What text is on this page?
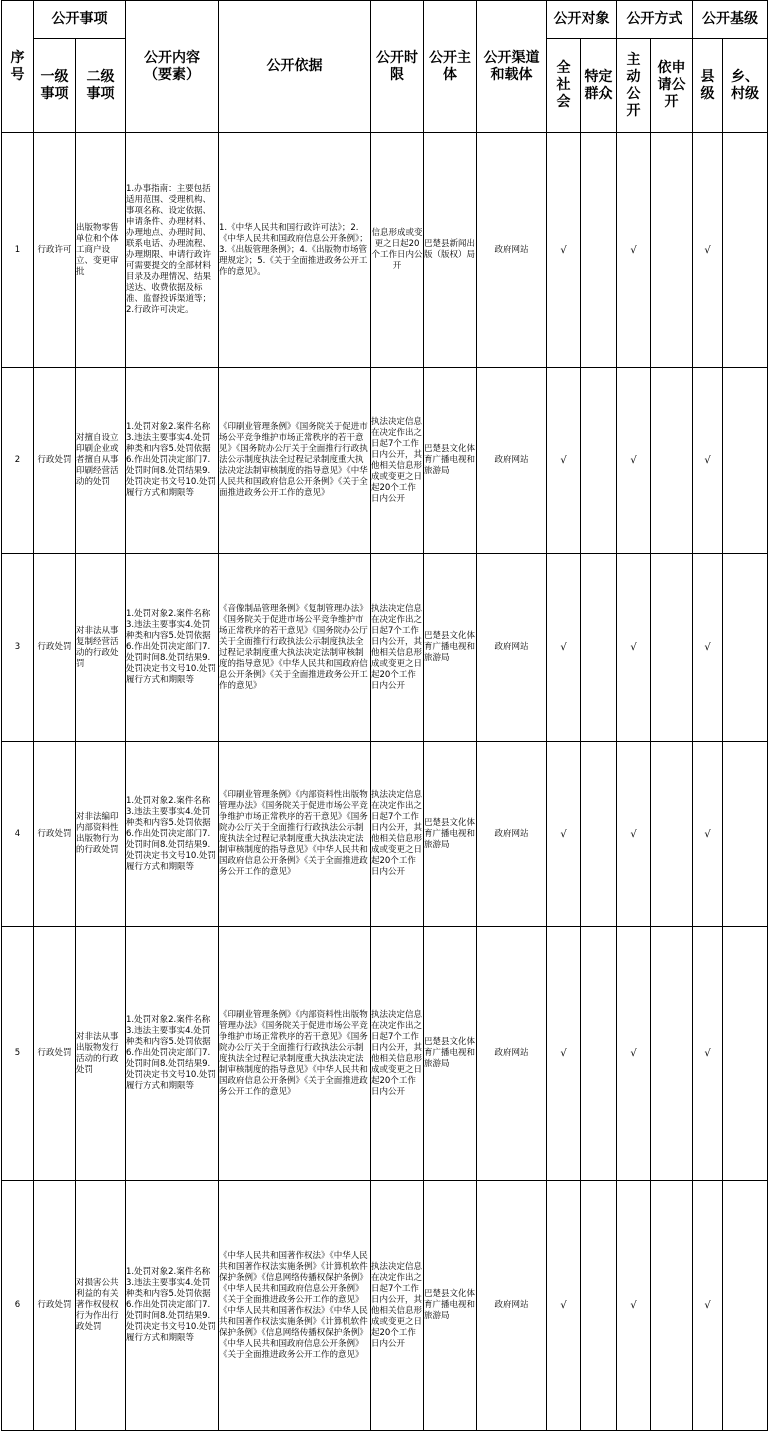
序号	公开事项		公开内容（要素）	公开依据	公开时限	公开主体	公开渠道和载体	公开对象		公开方式		公开基级	
	一级事项	二级事项						全社会	特定群众	主动公开	依申请公开	县级	乡、村级
1	行政许可	出版物零售单位和个体工商户设立、变更审批	1.办事指南：主要包括适用范围、受理机构、事项名称、设定依据、申请条件、办理材料、办理地点、办理时间、联系电话、办理流程、办理期限、申请行政许可需要提交的全部材料目录及办理情况、结果送达、收费依据及标准、监督投诉渠道等；2.行政许可决定。	1.《中华人民共和国行政许可法》；2.《中华人民共和国政府信息公开条例》；3.《出版管理条例》；4.《出版物市场管理规定》；5.《关于全面推进政务公开工作的意见》。	信息形成或变更之日起20个工作日内公开	巴楚县新闻出版（版权）局	政府网站	√		√		√	
2	行政处罚	对擅自设立印刷企业或者擅自从事印刷经营活动的处罚	1.处罚对象2.案件名称3.违法主要事实4.处罚种类和内容5.处罚依据6.作出处罚决定部门7.处罚时间8.处罚结果9.处罚决定书文号10.处罚履行方式和期限等	《印刷业管理条例》《国务院关于促进市场公平竞争维护市场正常秩序的若干意见》《国务院办公厅关于全面推行行政执法公示制度执法全过程记录制度重大执法决定法制审核制度的指导意见》《中华人民共和国政府信息公开条例》《关于全面推进政务公开工作的意见》	执法决定信息在决定作出之日起7个工作日内公开，其他相关信息形成或变更之日起20个工作日内公开	巴楚县文化体育广播电视和旅游局	政府网站	√		√		√	
3	行政处罚	对非法从事复制经营活动的行政处罚	1.处罚对象2.案件名称3.违法主要事实4.处罚种类和内容5.处罚依据6.作出处罚决定部门7.处罚时间8.处罚结果9.处罚决定书文号10.处罚履行方式和期限等	《音像制品管理条例》《复制管理办法》《国务院关于促进市场公平竞争维护市场正常秩序的若干意见》《国务院办公厅关于全面推行行政执法公示制度执法全过程记录制度重大执法决定法制审核制度的指导意见》《中华人民共和国政府信息公开条例》《关于全面推进政务公开工作的意见》	执法决定信息在决定作出之日起7个工作日内公开，其他相关信息形成或变更之日起20个工作日内公开	巴楚县文化体育广播电视和旅游局	政府网站	√		√		√	
4	行政处罚	对非法编印内部资料性出版物行为的行政处罚	1.处罚对象2.案件名称3.违法主要事实4.处罚种类和内容5.处罚依据6.作出处罚决定部门7.处罚时间8.处罚结果9.处罚决定书文号10.处罚履行方式和期限等	《印刷业管理条例》《内部资料性出版物管理办法》《国务院关于促进市场公平竞争维护市场正常秩序的若干意见》《国务院办公厅关于全面推行行政执法公示制度执法全过程记录制度重大执法决定法制审核制度的指导意见》《中华人民共和国政府信息公开条例》《关于全面推进政务公开工作的意见》	执法决定信息在决定作出之日起7个工作日内公开，其他相关信息形成或变更之日起20个工作日内公开	巴楚县文化体育广播电视和旅游局	政府网站	√		√		√	
5	行政处罚	对非法从事出版物发行活动的行政处罚	1.处罚对象2.案件名称3.违法主要事实4.处罚种类和内容5.处罚依据6.作出处罚决定部门7.处罚时间8.处罚结果9.处罚决定书文号10.处罚履行方式和期限等	《印刷业管理条例》《内部资料性出版物管理办法》《国务院关于促进市场公平竞争维护市场正常秩序的若干意见》《国务院办公厅关于全面推行行政执法公示制度执法全过程记录制度重大执法决定法制审核制度的指导意见》《中华人民共和国政府信息公开条例》《关于全面推进政务公开工作的意见》	执法决定信息在决定作出之日起7个工作日内公开，其他相关信息形成或变更之日起20个工作日内公开	巴楚县文化体育广播电视和旅游局	政府网站	√		√		√	
6	行政处罚	对损害公共利益的有关著作权侵权行为作出行政处罚	1.处罚对象2.案件名称3.违法主要事实4.处罚种类和内容5.处罚依据6.作出处罚决定部门7.处罚时间8.处罚结果9.处罚决定书文号10.处罚履行方式和期限等	《中华人民共和国著作权法》《中华人民共和国著作权法实施条例》《计算机软件保护条例》《信息网络传播权保护条例》《中华人民共和国政府信息公开条例》《关于全面推进政务公开工作的意见》《中华人民共和国著作权法》《中华人民共和国著作权法实施条例》《计算机软件保护条例》《信息网络传播权保护条例》《中华人民共和国政府信息公开条例》《关于全面推进政务公开工作的意见》	执法决定信息在决定作出之日起7个工作日内公开，其他相关信息形成或变更之日起20个工作日内公开	巴楚县文化体育广播电视和旅游局	政府网站	√		√		√	
